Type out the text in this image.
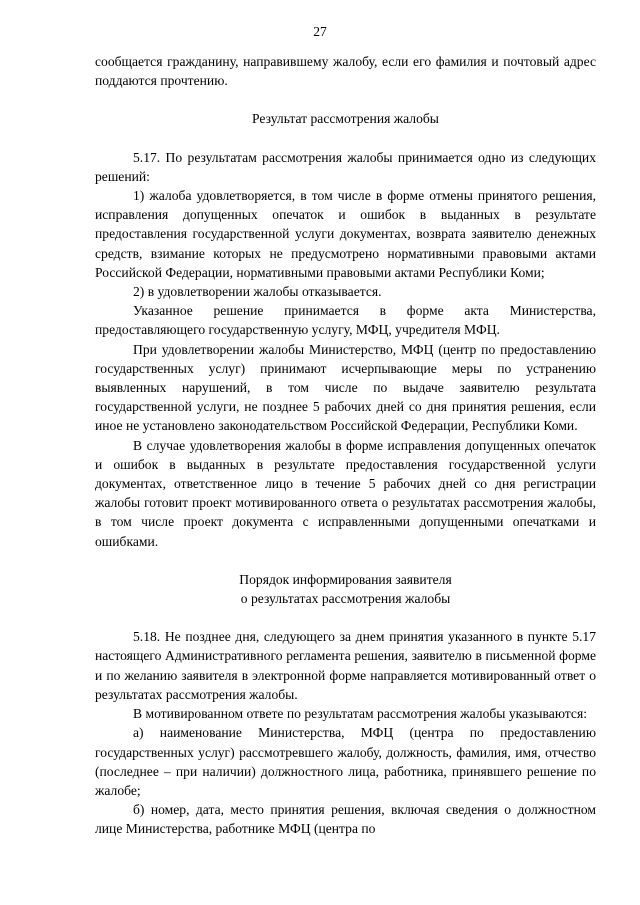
27

сообщается гражданину, направившему жалобу, если его фамилия и почтовый адрес поддаются прочтению.

Результат рассмотрения жалобы

5.17. По результатам рассмотрения жалобы принимается одно из следующих решений:

1) жалоба удовлетворяется, в том числе в форме отмены принятого решения, исправления допущенных опечаток и ошибок в выданных в результате предоставления государственной услуги документах, возврата заявителю денежных средств, взимание которых не предусмотрено нормативными правовыми актами Российской Федерации, нормативными правовыми актами Республики Коми;

2) в удовлетворении жалобы отказывается.

Указанное решение принимается в форме акта Министерства, предоставляющего государственную услугу, МФЦ, учредителя МФЦ.

При удовлетворении жалобы Министерство, МФЦ (центр по предоставлению государственных услуг) принимают исчерпывающие меры по устранению выявленных нарушений, в том числе по выдаче заявителю результата государственной услуги, не позднее 5 рабочих дней со дня принятия решения, если иное не установлено законодательством Российской Федерации, Республики Коми.

В случае удовлетворения жалобы в форме исправления допущенных опечаток и ошибок в выданных в результате предоставления государственной услуги документах, ответственное лицо в течение 5 рабочих дней со дня регистрации жалобы готовит проект мотивированного ответа о результатах рассмотрения жалобы, в том числе проект документа с исправленными допущенными опечатками и ошибками.

Порядок информирования заявителя

о результатах рассмотрения жалобы

5.18. Не позднее дня, следующего за днем принятия указанного в пункте 5.17 настоящего Административного регламента решения, заявителю в письменной форме и по желанию заявителя в электронной форме направляется мотивированный ответ о результатах рассмотрения жалобы.

В мотивированном ответе по результатам рассмотрения жалобы указываются:

а) наименование Министерства, МФЦ (центра по предоставлению государственных услуг) рассмотревшего жалобу, должность, фамилия, имя, отчество (последнее – при наличии) должностного лица, работника, принявшего решение по жалобе;

б) номер, дата, место принятия решения, включая сведения о должностном лице Министерства, работнике МФЦ (центра по
